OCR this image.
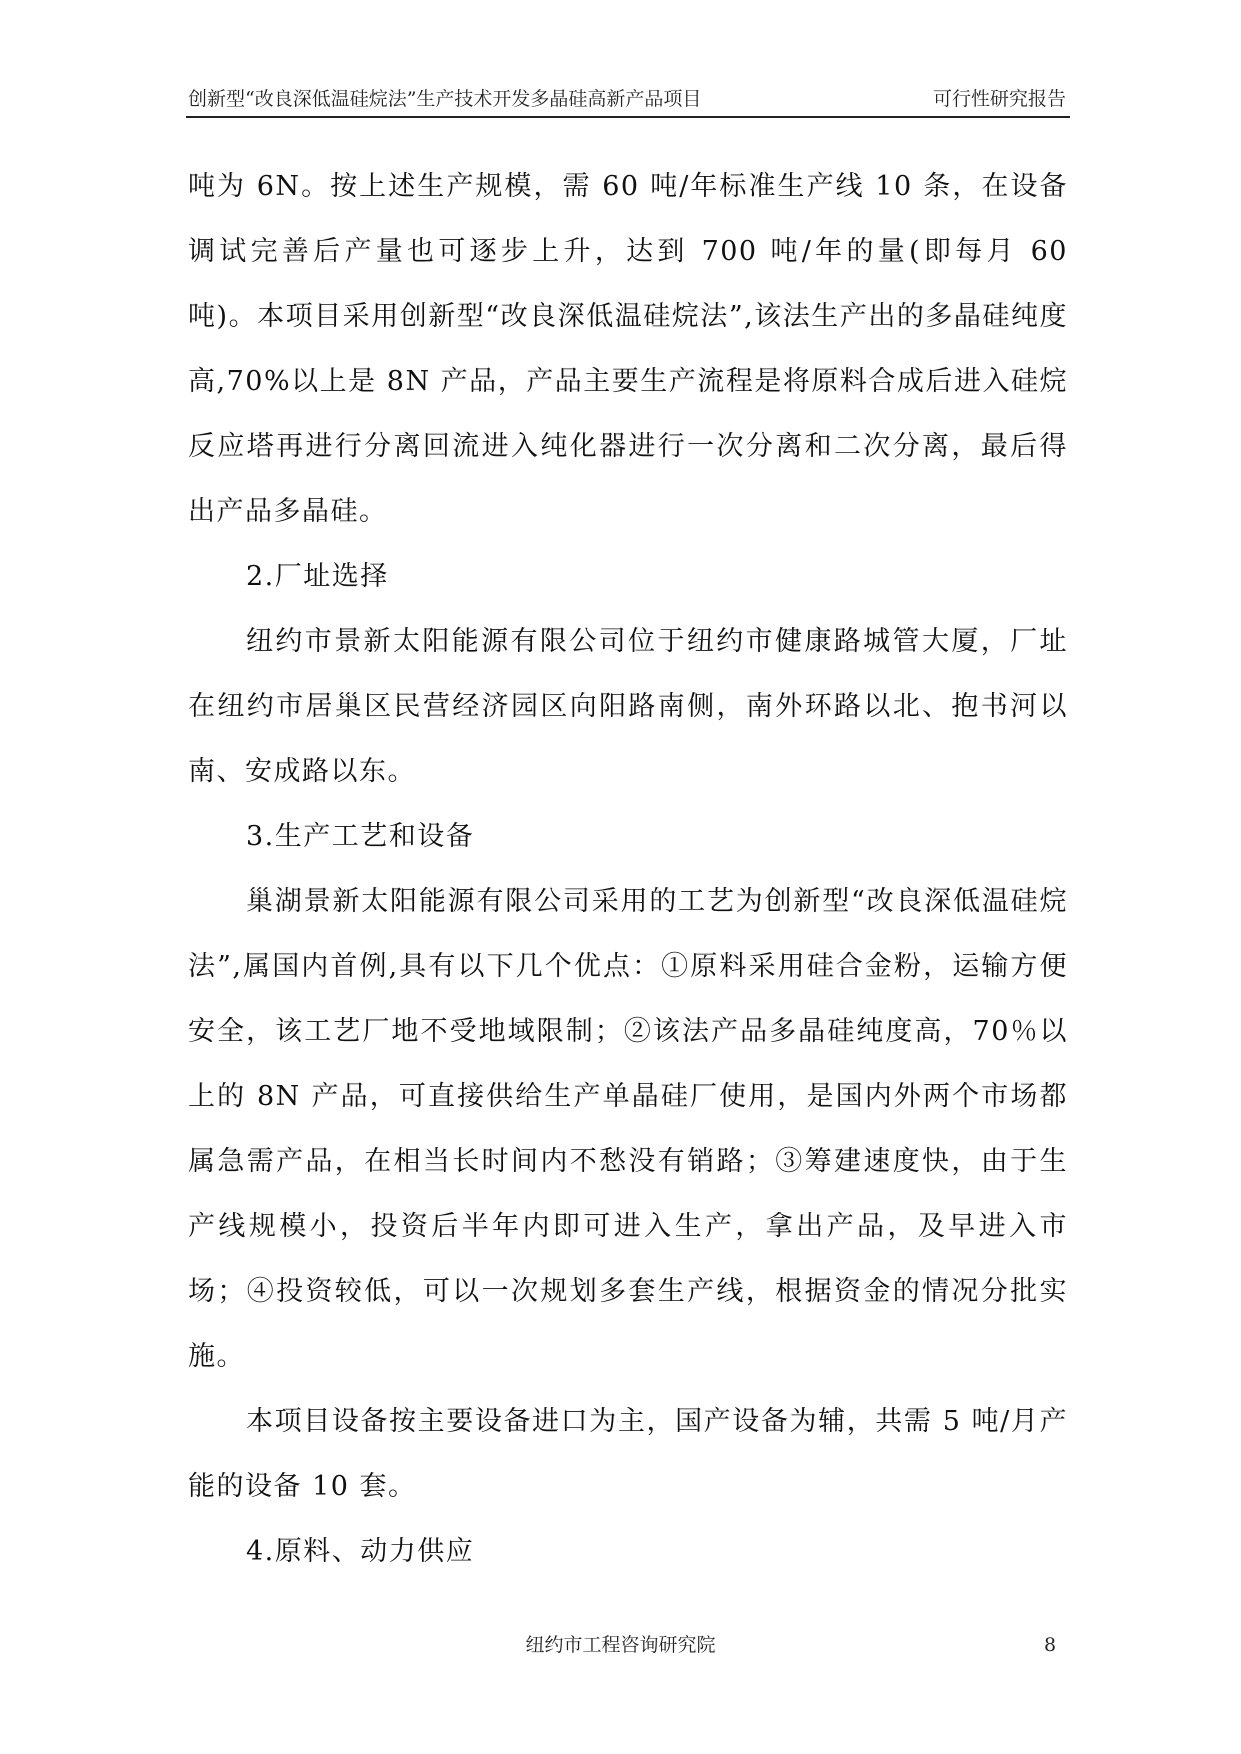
创新型“改良深低温硅烷法”生产技术开发多晶硅高新产品项目	可行性研究报告

吨为 6N。按上述生产规模，需 60 吨/年标准生产线 10 条，在设备调试完善后产量也可逐步上升，达到 700 吨/年的量(即每月 60 吨)。本项目采用创新型“改良深低温硅烷法”,该法生产出的多晶硅纯度高,70%以上是 8N 产品，产品主要生产流程是将原料合成后进入硅烷反应塔再进行分离回流进入纯化器进行一次分离和二次分离，最后得出产品多晶硅。

2.厂址选择

纽约市景新太阳能源有限公司位于纽约市健康路城管大厦，厂址在纽约市居巢区民营经济园区向阳路南侧，南外环路以北、抱书河以南、安成路以东。

3.生产工艺和设备

巢湖景新太阳能源有限公司采用的工艺为创新型“改良深低温硅烷法”,属国内首例,具有以下几个优点：①原料采用硅合金粉，运输方便安全，该工艺厂地不受地域限制；②该法产品多晶硅纯度高，70％以上的 8N 产品，可直接供给生产单晶硅厂使用，是国内外两个市场都属急需产品，在相当长时间内不愁没有销路；③筹建速度快，由于生产线规模小，投资后半年内即可进入生产，拿出产品，及早进入市场；④投资较低，可以一次规划多套生产线，根据资金的情况分批实施。

本项目设备按主要设备进口为主，国产设备为辅，共需 5 吨/月产能的设备 10 套。

4.原料、动力供应

纽约市工程咨询研究院	8
